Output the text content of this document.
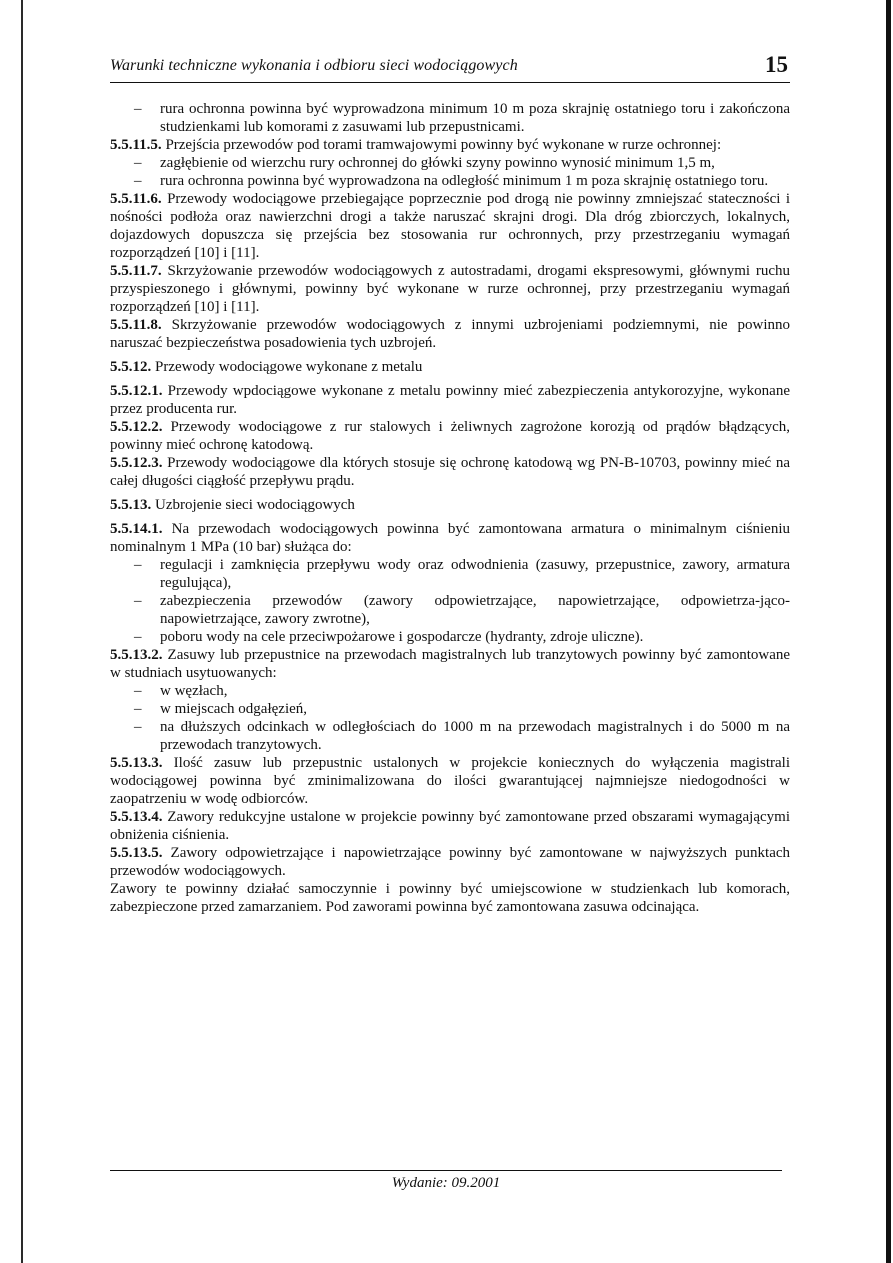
Warunki techniczne wykonania i odbioru sieci wodociągowych	15
– rura ochronna powinna być wyprowadzona minimum 10 m poza skrajnię ostatniego toru i zakończona studzienkami lub komorami z zasuwami lub przepustnicami.

5.5.11.5. Przejścia przewodów pod torami tramwajowymi powinny być wykonane w rurze ochronnej:

– zagłębienie od wierzchu rury ochronnej do główki szyny powinno wynosić minimum 1,5 m,
– rura ochronna powinna być wyprowadzona na odległość minimum 1 m poza skrajnię ostatniego toru.

5.5.11.6. Przewody wodociągowe przebiegające poprzecznie pod drogą nie powinny zmniejszać stateczności i nośności podłoża oraz nawierzchni drogi a także naruszać skrajni drogi. Dla dróg zbiorczych, lokalnych, dojazdowych dopuszcza się przejścia bez stosowania rur ochronnych, przy przestrzeganiu wymagań rozporządzeń [10] i [11].

5.5.11.7. Skrzyżowanie przewodów wodociągowych z autostradami, drogami ekspresowymi, głównymi ruchu przyspieszonego i głównymi, powinny być wykonane w rurze ochronnej, przy przestrzeganiu wymagań rozporządzeń [10] i [11].

5.5.11.8. Skrzyżowanie przewodów wodociągowych z innymi uzbrojeniami podziemnymi, nie powinno naruszać bezpieczeństwa posadowienia tych uzbrojeń.

5.5.12. Przewody wodociągowe wykonane z metalu

5.5.12.1. Przewody wpdociągowe wykonane z metalu powinny mieć zabezpieczenia antykorozyjne, wykonane przez producenta rur.

5.5.12.2. Przewody wodociągowe z rur stalowych i żeliwnych zagrożone korozją od prądów błądzących, powinny mieć ochronę katodową.

5.5.12.3. Przewody wodociągowe dla których stosuje się ochronę katodową wg PN-B-10703, powinny mieć na całej długości ciągłość przepływu prądu.

5.5.13. Uzbrojenie sieci wodociągowych

5.5.14.1. Na przewodach wodociągowych powinna być zamontowana armatura o minimalnym ciśnieniu nominalnym 1 MPa (10 bar) służąca do:

– regulacji i zamknięcia przepływu wody oraz odwodnienia (zasuwy, przepustnice, zawory, armatura regulująca),
– zabezpieczenia przewodów (zawory odpowietrzające, napowietrzające, odpowietrza-jąco-napowietrzające, zawory zwrotne),
– poboru wody na cele przeciwpożarowe i gospodarcze (hydranty, zdroje uliczne).

5.5.13.2. Zasuwy lub przepustnice na przewodach magistralnych lub tranzytowych powinny być zamontowane w studniach usytuowanych:

– w węzłach,
– w miejscach odgałęzień,
– na dłuższych odcinkach w odległościach do 1000 m na przewodach magistralnych i do 5000 m na przewodach tranzytowych.

5.5.13.3. Ilość zasuw lub przepustnic ustalonych w projekcie koniecznych do wyłączenia magistrali wodociągowej powinna być zminimalizowana do ilości gwarantującej najmniejsze niedogodności w zaopatrzeniu w wodę odbiorców.

5.5.13.4. Zawory redukcyjne ustalone w projekcie powinny być zamontowane przed obszarami wymagającymi obniżenia ciśnienia.

5.5.13.5. Zawory odpowietrzające i napowietrzające powinny być zamontowane w najwyższych punktach przewodów wodociągowych.

Zawory te powinny działać samoczynnie i powinny być umiejscowione w studzienkach lub komorach, zabezpieczone przed zamarzaniem. Pod zaworami powinna być zamontowana zasuwa odcinająca.

Wydanie: 09.2001
